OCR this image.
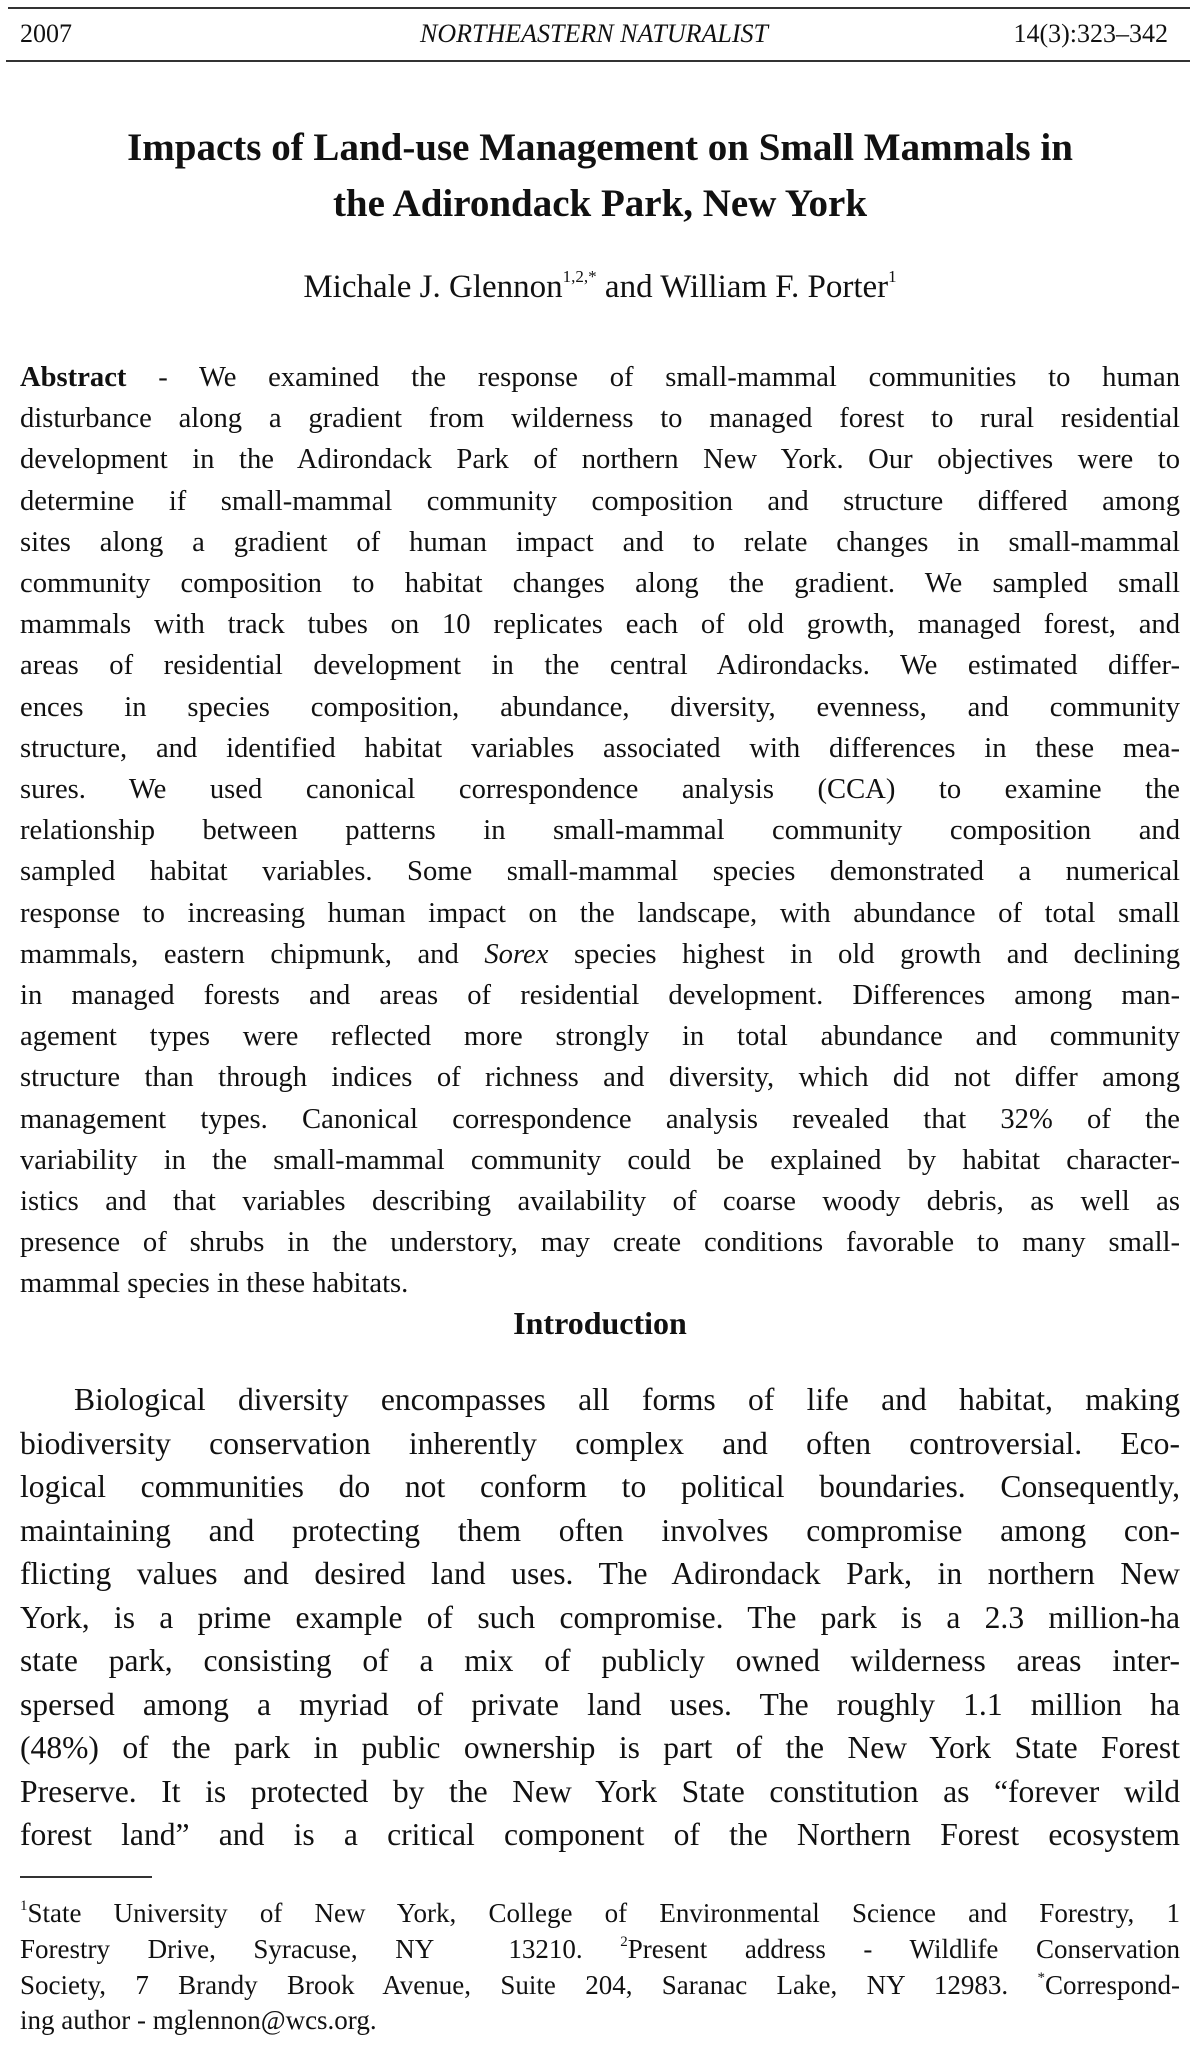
2007	NORTHEASTERN NATURALIST	14(3):323–342
Impacts of Land-use Management on Small Mammals in
the Adirondack Park, New York
Michale J. Glennon$^{1,2,*}$ and William F. Porter$^1$
Abstract - We examined the response of small-mammal communities to human
disturbance along a gradient from wilderness to managed forest to rural residential
development in the Adirondack Park of northern New York. Our objectives were to
determine if small-mammal community composition and structure differed among
sites along a gradient of human impact and to relate changes in small-mammal
community composition to habitat changes along the gradient. We sampled small
mammals with track tubes on 10 replicates each of old growth, managed forest, and
areas of residential development in the central Adirondacks. We estimated differ-
ences in species composition, abundance, diversity, evenness, and community
structure, and identified habitat variables associated with differences in these mea-
sures. We used canonical correspondence analysis (CCA) to examine the
relationship between patterns in small-mammal community composition and
sampled habitat variables. Some small-mammal species demonstrated a numerical
response to increasing human impact on the landscape, with abundance of total small
mammals, eastern chipmunk, and Sorex species highest in old growth and declining
in managed forests and areas of residential development. Differences among man-
agement types were reflected more strongly in total abundance and community
structure than through indices of richness and diversity, which did not differ among
management types. Canonical correspondence analysis revealed that 32% of the
variability in the small-mammal community could be explained by habitat character-
istics and that variables describing availability of coarse woody debris, as well as
presence of shrubs in the understory, may create conditions favorable to many small-
mammal species in these habitats.
Introduction
Biological diversity encompasses all forms of life and habitat, making
biodiversity conservation inherently complex and often controversial. Eco-
logical communities do not conform to political boundaries. Consequently,
maintaining and protecting them often involves compromise among con-
flicting values and desired land uses. The Adirondack Park, in northern New
York, is a prime example of such compromise. The park is a 2.3 million-ha
state park, consisting of a mix of publicly owned wilderness areas inter-
spersed among a myriad of private land uses. The roughly 1.1 million ha
(48%) of the park in public ownership is part of the New York State Forest
Preserve. It is protected by the New York State constitution as “forever wild
forest land” and is a critical component of the Northern Forest ecosystem
$^1$State University of New York, College of Environmental Science and Forestry, 1
Forestry Drive, Syracuse, NY  13210. $^2$Present address - Wildlife Conservation
Society, 7 Brandy Brook Avenue, Suite 204, Saranac Lake, NY 12983. *Correspond-
ing author - mglennon@wcs.org.
